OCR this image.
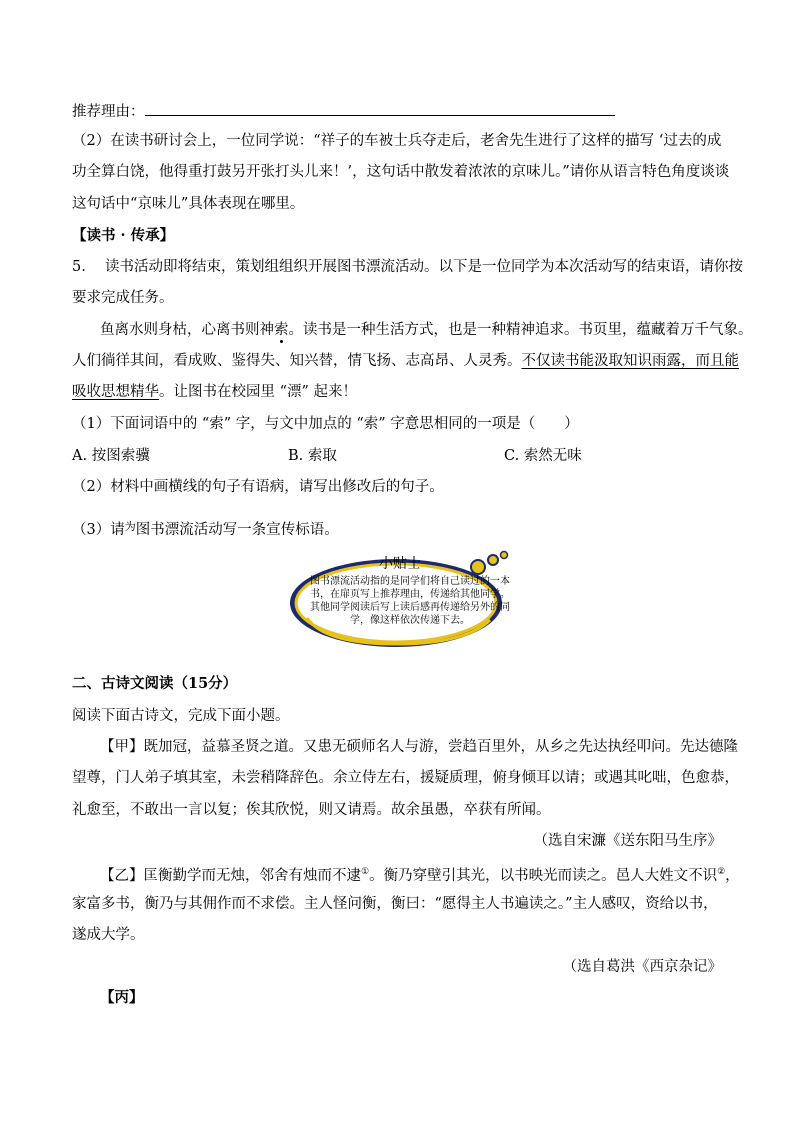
推荐理由：
（2）在读书研讨会上，一位同学说：“祥子的车被士兵夺走后，老舍先生进行了这样的描写 ‘过去的成
功全算白饶，他得重打鼓另开张打头儿来！’，这句话中散发着浓浓的京味儿。”请你从语言特色角度谈谈
这句话中“京味儿”具体表现在哪里。
【读书 · 传承】
5.　 读书活动即将结束，策划组组织开展图书漂流活动。以下是一位同学为本次活动写的结束语，请你按
要求完成任务。
鱼离水则身枯，心离书则神索。读书是一种生活方式，也是一种精神追求。书页里，蕴藏着万千气象。
人们徜徉其间，看成败、鉴得失、知兴替，情飞扬、志高昂、人灵秀。不仅读书能汲取知识雨露，而且能
吸收思想精华。让图书在校园里 “漂” 起来！
（1）下面词语中的 “索” 字，与文中加点的 “索” 字意思相同的一项是（　　）
A. 按图索骥	B. 索取	C. 索然无味
（2）材料中画横线的句子有语病，请写出修改后的句子。
（3）请$^为$图书漂流活动写一条宣传标语。
小贴士
图书漂流活动指的是同学们将自己读过的一本书，在扉页写上推荐理由，传递给其他同学。其他同学阅读后写上读后感再传递给另外的同学，像这样依次传递下去。
二、古诗文阅读（15分）
阅读下面古诗文，完成下面小题。
【甲】既加冠，益慕圣贤之道。又患无硕师名人与游，尝趋百里外，从乡之先达执经叩问。先达德隆
望尊，门人弟子填其室，未尝稍降辞色。余立侍左右，援疑质理，俯身倾耳以请；或遇其叱咄，色愈恭，
礼愈至，不敢出一言以复；俟其欣悦，则又请焉。故余虽愚，卒获有所闻。
（选自宋濂《送东阳马生序》
【乙】匡衡勤学而无烛，邻舍有烛而不逮①。衡乃穿壁引其光，以书映光而读之。邑人大姓文不识②，
家富多书，衡乃与其佣作而不求偿。主人怪问衡，衡曰：“愿得主人书遍读之。”主人感叹，资给以书，
遂成大学。
（选自葛洪《西京杂记》
【丙】
